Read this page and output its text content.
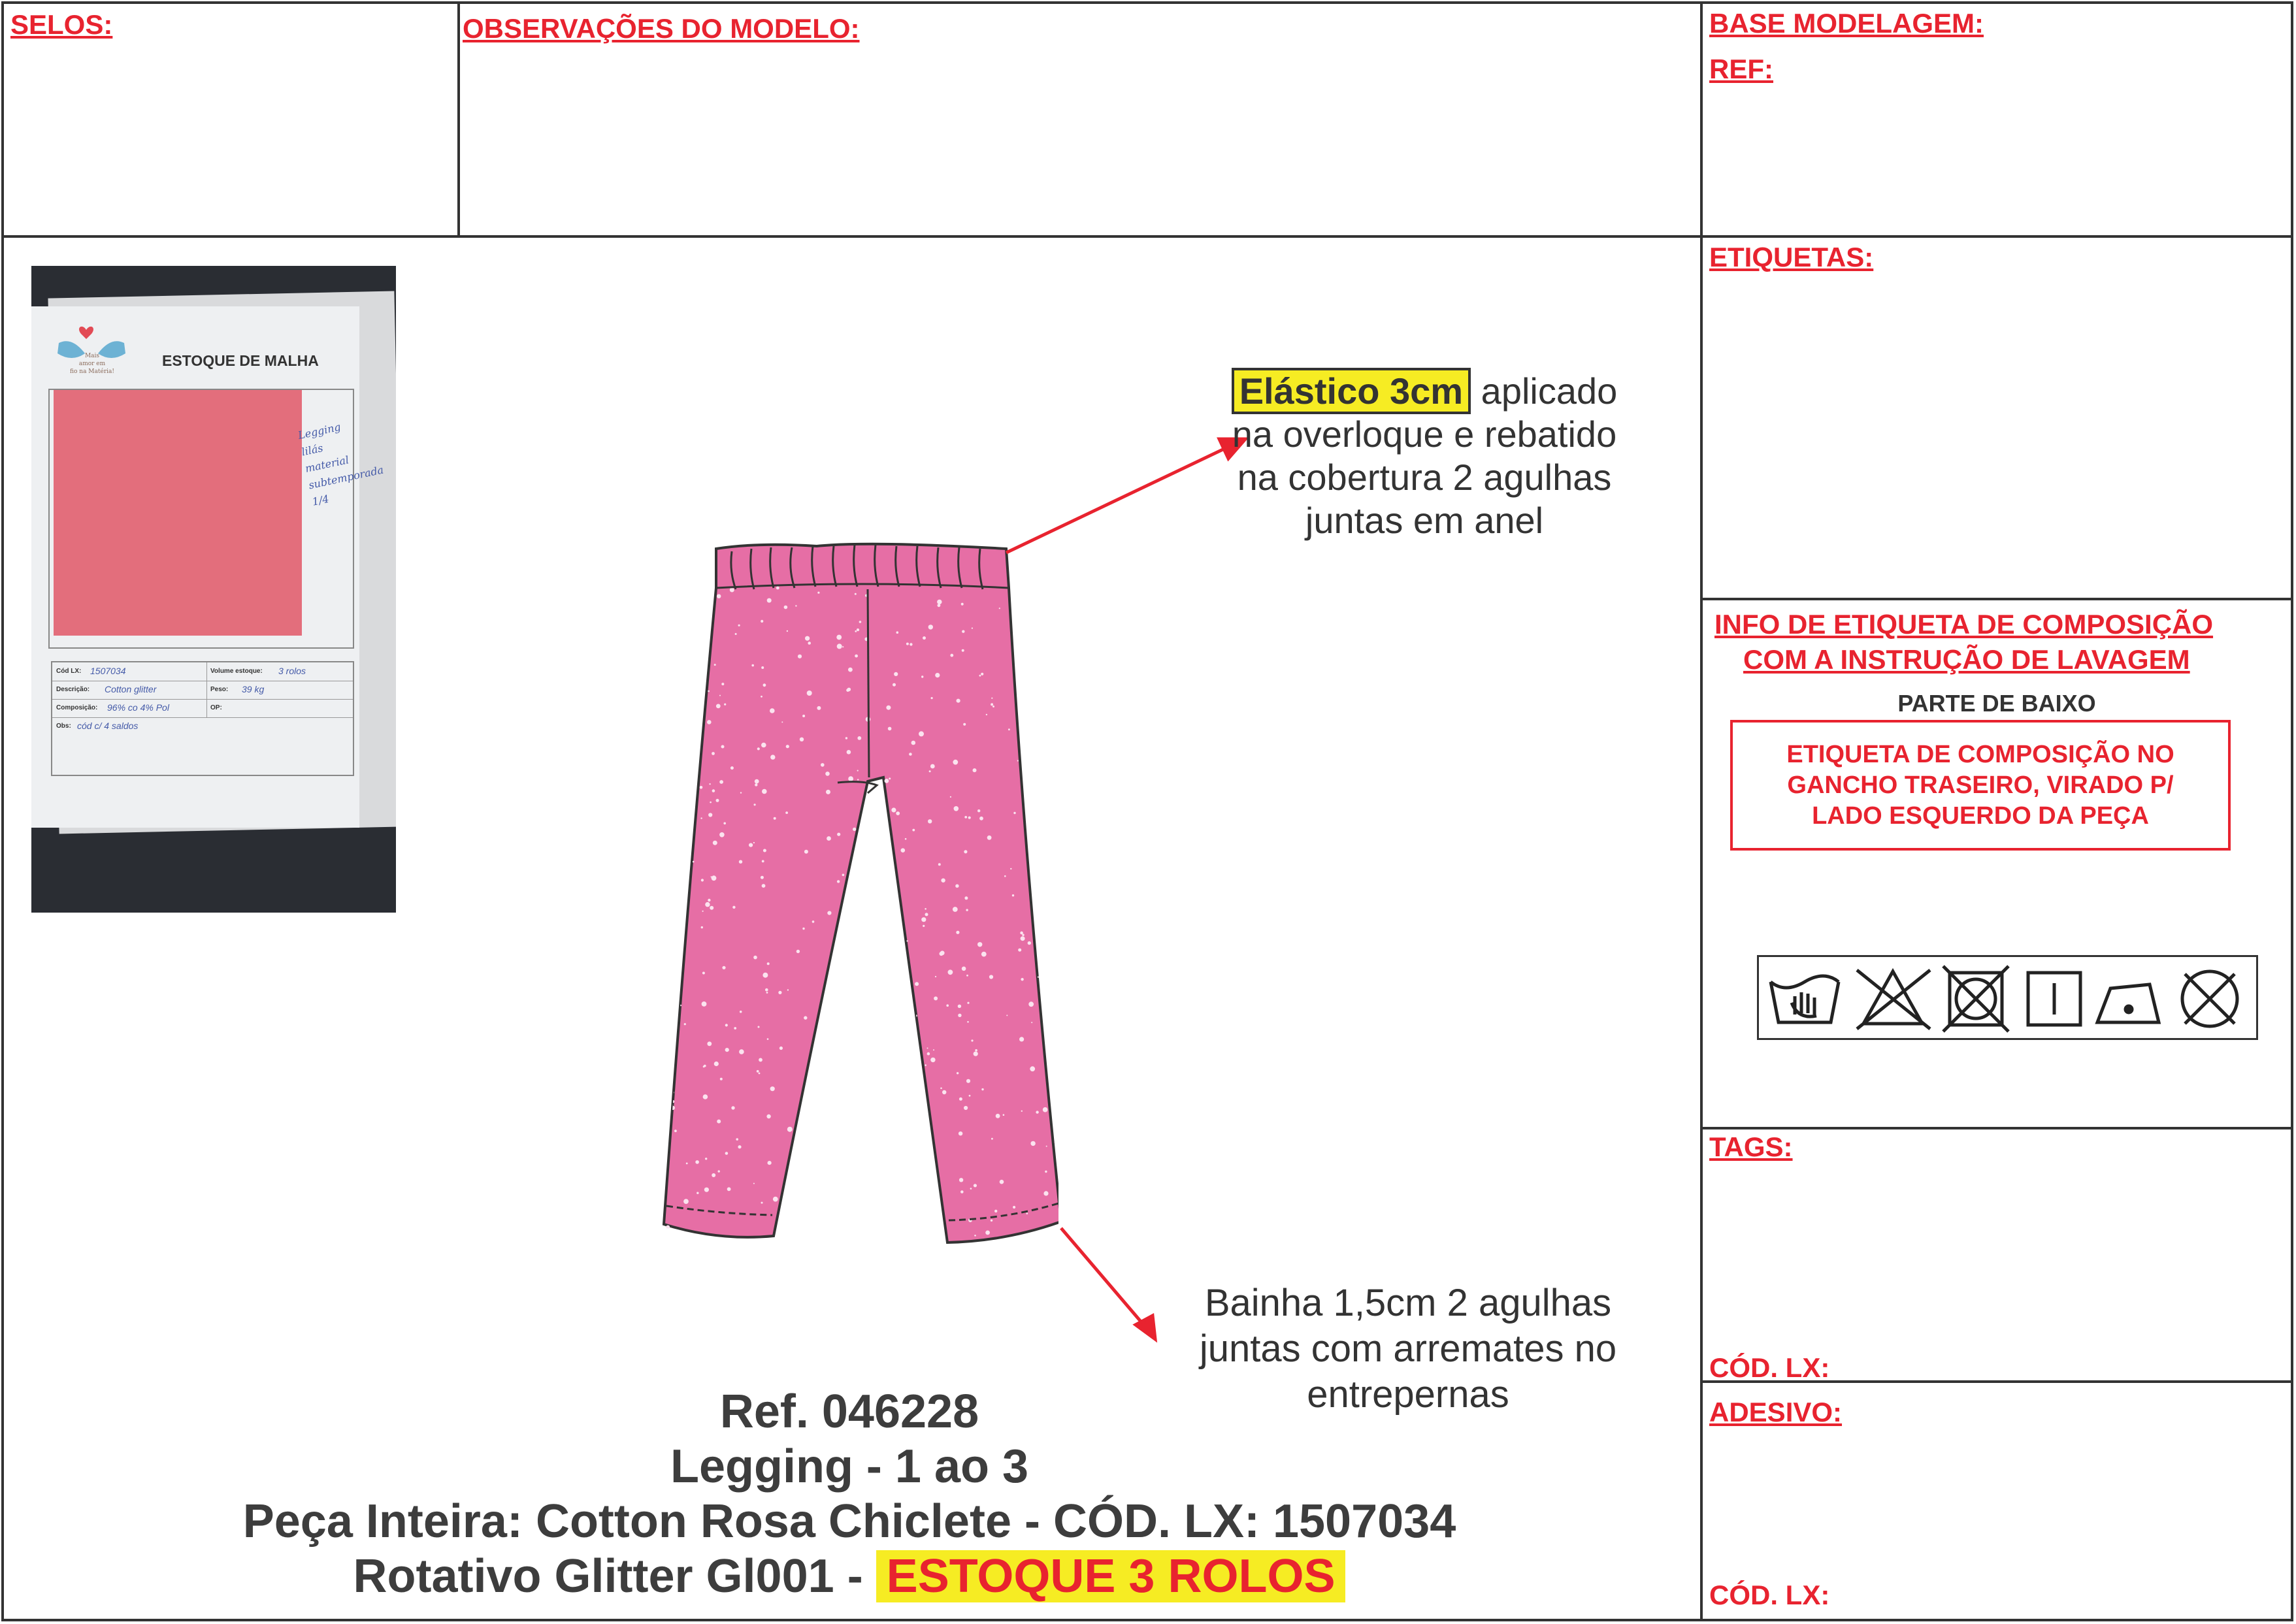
SELOS:	OBSERVAÇÕES DO MODELO:	BASE MODELAGEM:
REF:
ETIQUETAS:
INFO DE ETIQUETA DE COMPOSIÇÃO
COM A INSTRUÇÃO DE LAVAGEM
PARTE DE BAIXO
ETIQUETA DE COMPOSIÇÃO NO
GANCHO TRASEIRO, VIRADO P/
LADO ESQUERDO DA PEÇA
TAGS:
CÓD. LX:
ADESIVO:
CÓD. LX:
Mais
amor em
fio na Matéria!
ESTOQUE DE MALHA
Legging
lilás
material
subtemporada
1/4
Cód LX: 1507034	Volume estoque: 3 rolos
Descrição: Cotton glitter	Peso: 39 kg
Composição: 96% co 4% Pol	OP:
Obs: cód c/ 4 saldos
Elástico 3cm aplicado
na overloque e rebatido
na cobertura 2 agulhas
juntas em anel
Bainha 1,5cm 2 agulhas
juntas com arremates no
entrepernas
Ref. 046228
Legging - 1 ao 3
Peça Inteira: Cotton Rosa Chiclete - CÓD. LX: 1507034
Rotativo Glitter Gl001 - ESTOQUE 3 ROLOS
